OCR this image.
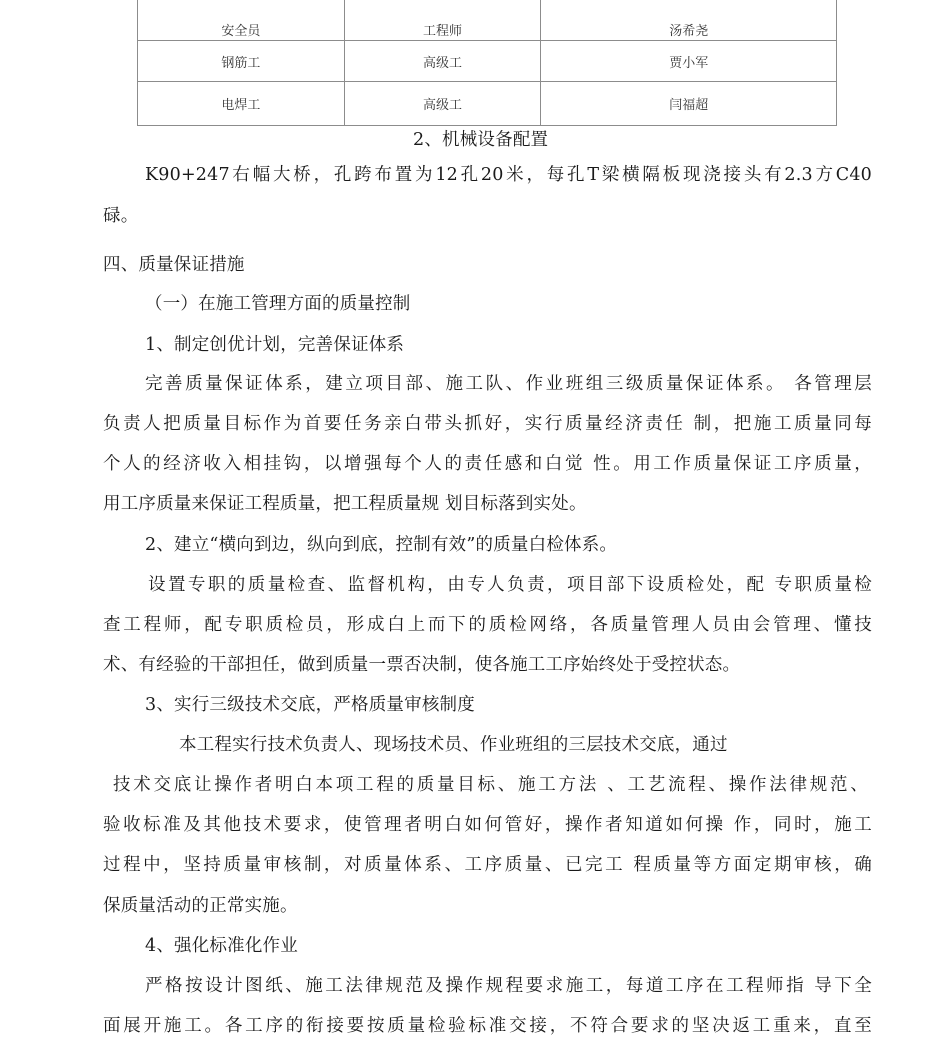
安全员	工程师	汤希尧
钢筋工	高级工	贾小军
电焊工	高级工	闫福超
2、机械设备配置
K90+247右幅大桥，孔跨布置为12孔20米，每孔T梁横隔板现浇接头有2.3方C40
碌。
四、质量保证措施
（一）在施工管理方面的质量控制
1、制定创优计划，完善保证体系
完善质量保证体系，建立项目部、施工队、作业班组三级质量保证体系。 各管理层
负责人把质量目标作为首要任务亲白带头抓好，实行质量经济责任 制，把施工质量同每
个人的经济收入相挂钩，以增强每个人的责任感和白觉 性。用工作质量保证工序质量，
用工序质量来保证工程质量，把工程质量规 划目标落到实处。
2、建立“横向到边，纵向到底，控制有效”的质量白检体系。
设置专职的质量检查、监督机构，由专人负责，项目部下设质检处，配 专职质量检
查工程师，配专职质检员，形成白上而下的质检网络，各质量管理人员由会管理、懂技
术、有经验的干部担任，做到质量一票否决制，使各施工工序始终处于受控状态。
3、实行三级技术交底，严格质量审核制度
本工程实行技术负责人、现场技术员、作业班组的三层技术交底，通过
技术交底让操作者明白本项工程的质量目标、施工方法 、工艺流程、操作法律规范、
验收标准及其他技术要求，使管理者明白如何管好，操作者知道如何操 作，同时，施工
过程中，坚持质量审核制，对质量体系、工序质量、已完工 程质量等方面定期审核，确
保质量活动的正常实施。
4、强化标准化作业
严格按设计图纸、施工法律规范及操作规程要求施工，每道工序在工程师指 导下全
面展开施工。各工序的衔接要按质量检验标准交接，不符合要求的坚决返工重来，直至
